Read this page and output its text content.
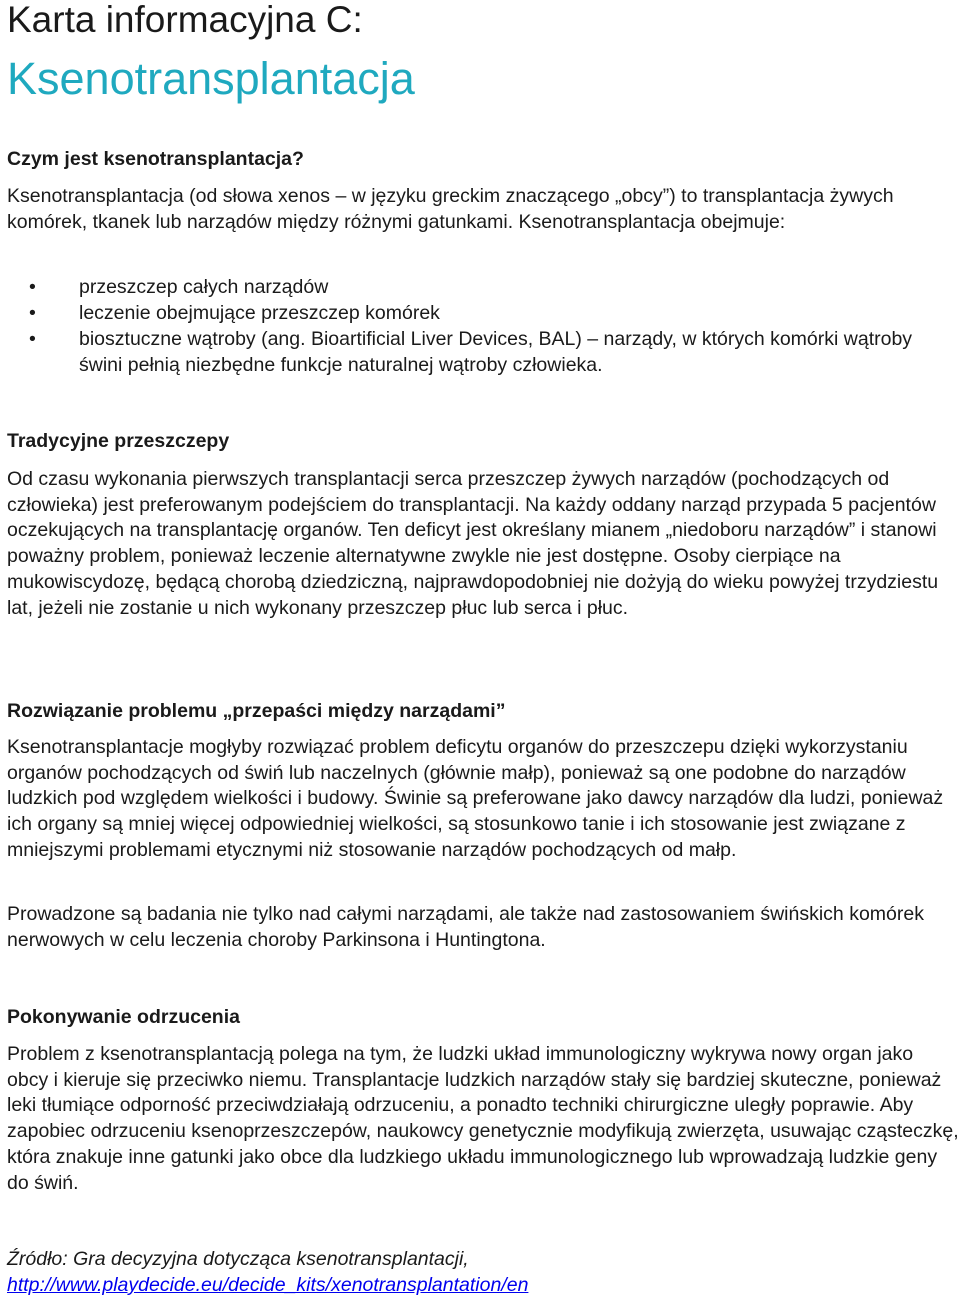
Karta informacyjna C:
Ksenotransplantacja
Czym jest ksenotransplantacja?

Ksenotransplantacja (od słowa xenos – w języku greckim znaczącego „obcy”) to transplantacja żywych komórek, tkanek lub narządów między różnymi gatunkami. Ksenotransplantacja obejmuje:

• przeszczep całych narządów
• leczenie obejmujące przeszczep komórek
• biosztuczne wątroby (ang. Bioartificial Liver Devices, BAL) – narządy, w których komórki wątroby świni pełnią niezbędne funkcje naturalnej wątroby człowieka.
Tradycyjne przeszczepy

Od czasu wykonania pierwszych transplantacji serca przeszczep żywych narządów (pochodzących od człowieka) jest preferowanym podejściem do transplantacji. Na każdy oddany narząd przypada 5 pacjentów oczekujących na transplantację organów. Ten deficyt jest określany mianem „niedoboru narządów” i stanowi poważny problem, ponieważ leczenie alternatywne zwykle nie jest dostępne. Osoby cierpiące na mukowiscydozę, będącą chorobą dziedziczną, najprawdopodobniej nie dożyją do wieku powyżej trzydziestu lat, jeżeli nie zostanie u nich wykonany przeszczep płuc lub serca i płuc.

Rozwiązanie problemu „przepaści między narządami”

Ksenotransplantacje mogłyby rozwiązać problem deficytu organów do przeszczepu dzięki wykorzystaniu organów pochodzących od świń lub naczelnych (głównie małp), ponieważ są one podobne do narządów ludzkich pod względem wielkości i budowy. Świnie są preferowane jako dawcy narządów dla ludzi, ponieważ ich organy są mniej więcej odpowiedniej wielkości, są stosunkowo tanie i ich stosowanie jest związane z mniejszymi problemami etycznymi niż stosowanie narządów pochodzących od małp.

Prowadzone są badania nie tylko nad całymi narządami, ale także nad zastosowaniem świńskich komórek nerwowych w celu leczenia choroby Parkinsona i Huntingtona.

Pokonywanie odrzucenia

Problem z ksenotransplantacją polega na tym, że ludzki układ immunologiczny wykrywa nowy organ jako obcy i kieruje się przeciwko niemu. Transplantacje ludzkich narządów stały się bardziej skuteczne, ponieważ leki tłumiące odporność przeciwdziałają odrzuceniu, a ponadto techniki chirurgiczne uległy poprawie. Aby zapobiec odrzuceniu ksenoprzeszczepów, naukowcy genetycznie modyfikują zwierzęta, usuwając cząsteczkę, która znakuje inne gatunki jako obce dla ludzkiego układu immunologicznego lub wprowadzają ludzkie geny do świń.

Źródło: Gra decyzyjna dotycząca ksenotransplantacji,
http://www.playdecide.eu/decide_kits/xenotransplantation/en
